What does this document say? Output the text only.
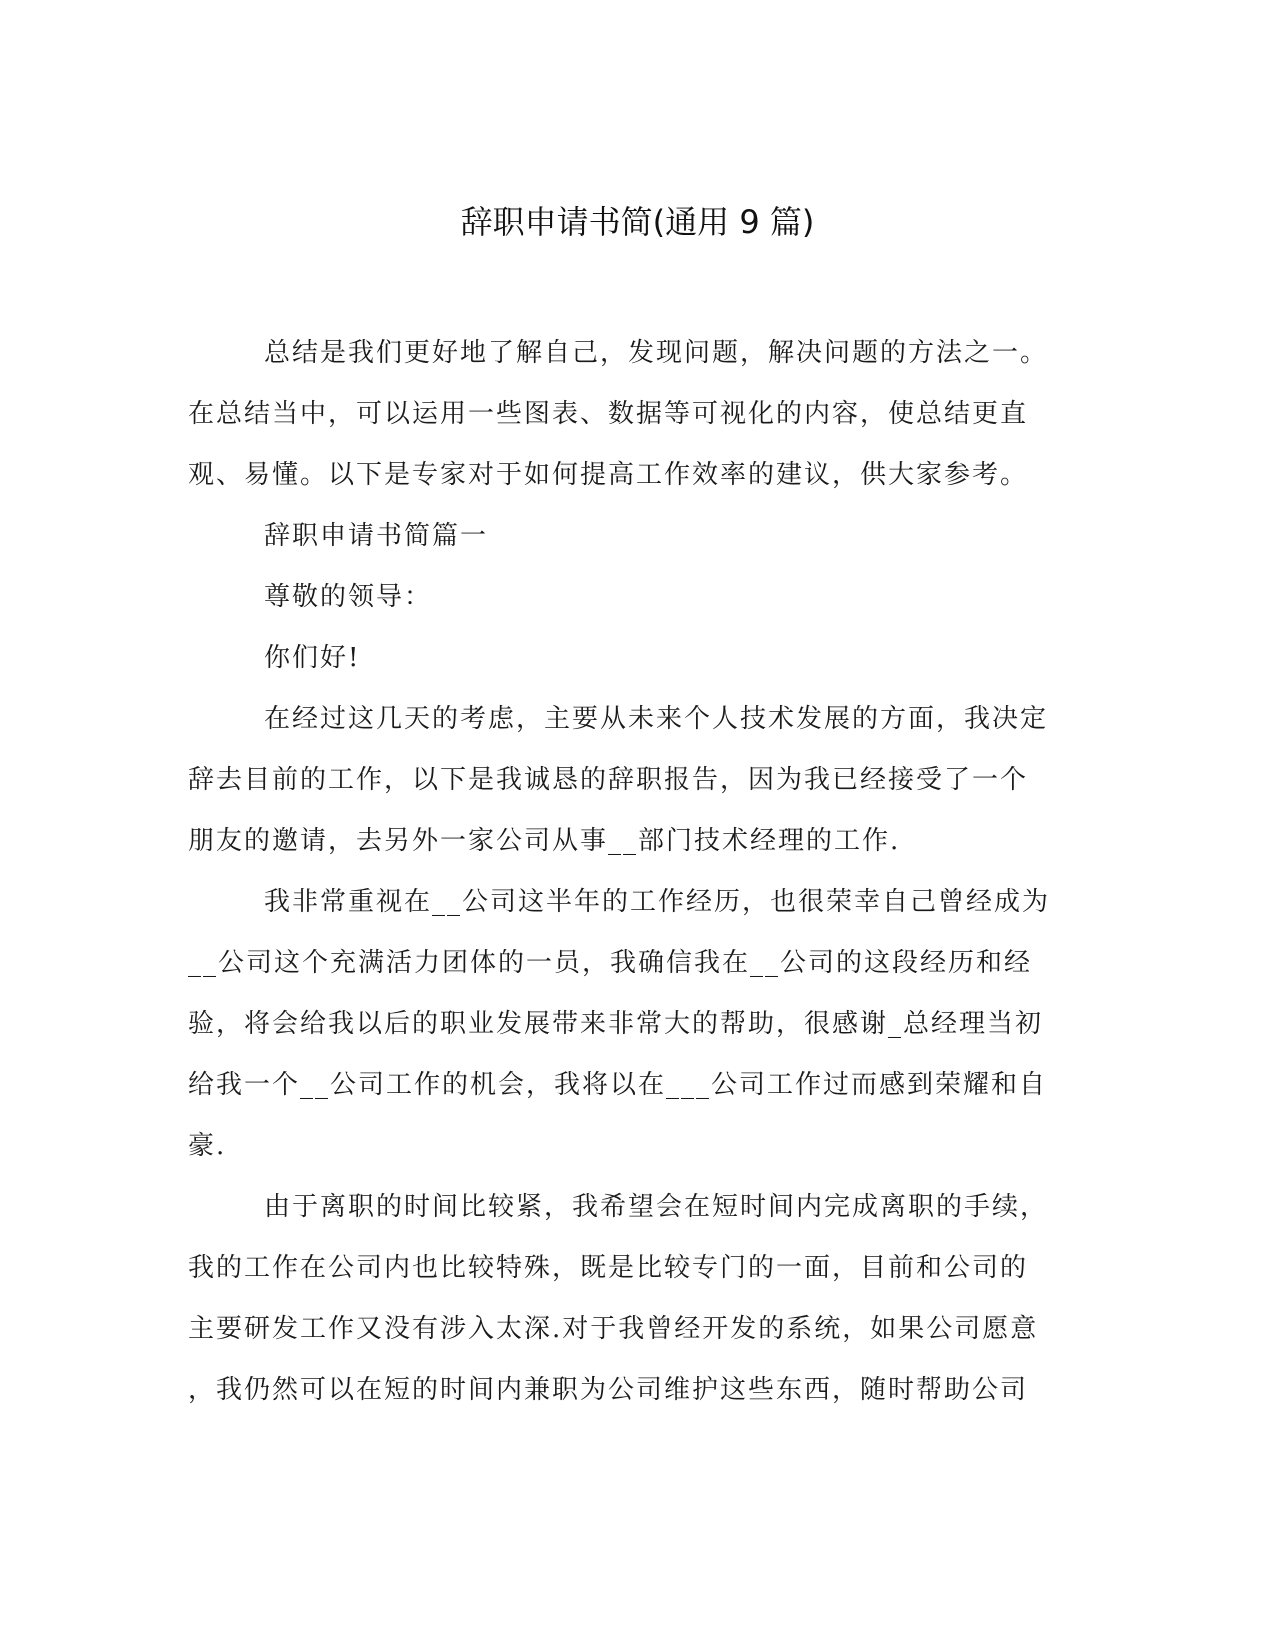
辞职申请书简(通用 9 篇)
总结是我们更好地了解自己，发现问题，解决问题的方法之一。
在总结当中，可以运用一些图表、数据等可视化的内容，使总结更直
观、易懂。以下是专家对于如何提高工作效率的建议，供大家参考。
辞职申请书简篇一
尊敬的领导：
你们好!
在经过这几天的考虑，主要从未来个人技术发展的方面，我决定
辞去目前的工作，以下是我诚恳的辞职报告，因为我已经接受了一个
朋友的邀请，去另外一家公司从事__部门技术经理的工作.
我非常重视在__公司这半年的工作经历，也很荣幸自己曾经成为
__公司这个充满活力团体的一员，我确信我在__公司的这段经历和经
验，将会给我以后的职业发展带来非常大的帮助，很感谢_总经理当初
给我一个__公司工作的机会，我将以在___公司工作过而感到荣耀和自
豪.
由于离职的时间比较紧，我希望会在短时间内完成离职的手续，
我的工作在公司内也比较特殊，既是比较专门的一面，目前和公司的
主要研发工作又没有涉入太深.对于我曾经开发的系统，如果公司愿意
，我仍然可以在短的时间内兼职为公司维护这些东西，随时帮助公司
